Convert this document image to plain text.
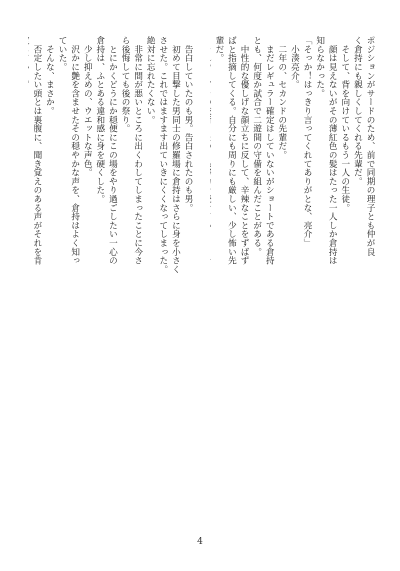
ポジションがサードのため、前で同期の理子とも仲が良
く倉持にも親しくしてくれる先輩だ。
　そして、背を向けているもう一人の生徒。
　顔は見えないがその薄紅色の髪はたった一人しか倉持は
知らなかった。
「そっか！はっきり言ってくれてありがとな、亮介」
　小湊亮介。
　二年の、セカンドの先輩だ。
　まだレギュラー確定はしていないがショートである倉持
とも、何度か試合で二遊間の守備を組んだことがある。
　中性的な優しげな顔立ちに反して、辛辣なことをずばず
ばと指摘してくる。自分にも周りにも厳しい、少し怖い先
輩だ。
　告白していたのも男。告白されたのも男。
　初めて目撃した男同士の修羅場に倉持はさらに身を小さく
させた。これではますます出ていきにくくなってしまった。
絶対に忘れたくない。
　非常に間が悪いところに出くわしてしまったことに今さ
ら後悔しても後の祭り。
　とにかくどうにか穏便にこの場をやり過ごしたい一心の
倉持は、ふとある違和感に身を硬くした。
　少し抑えめの、ウエットな声色。
　沢かに艶を含ませたその穏やかな声を、倉持はよく知っ
ていた。
　そんな、まさか。
　否定したい頭とは裏腹に、聞き覚えのある声がそれを肯
4
